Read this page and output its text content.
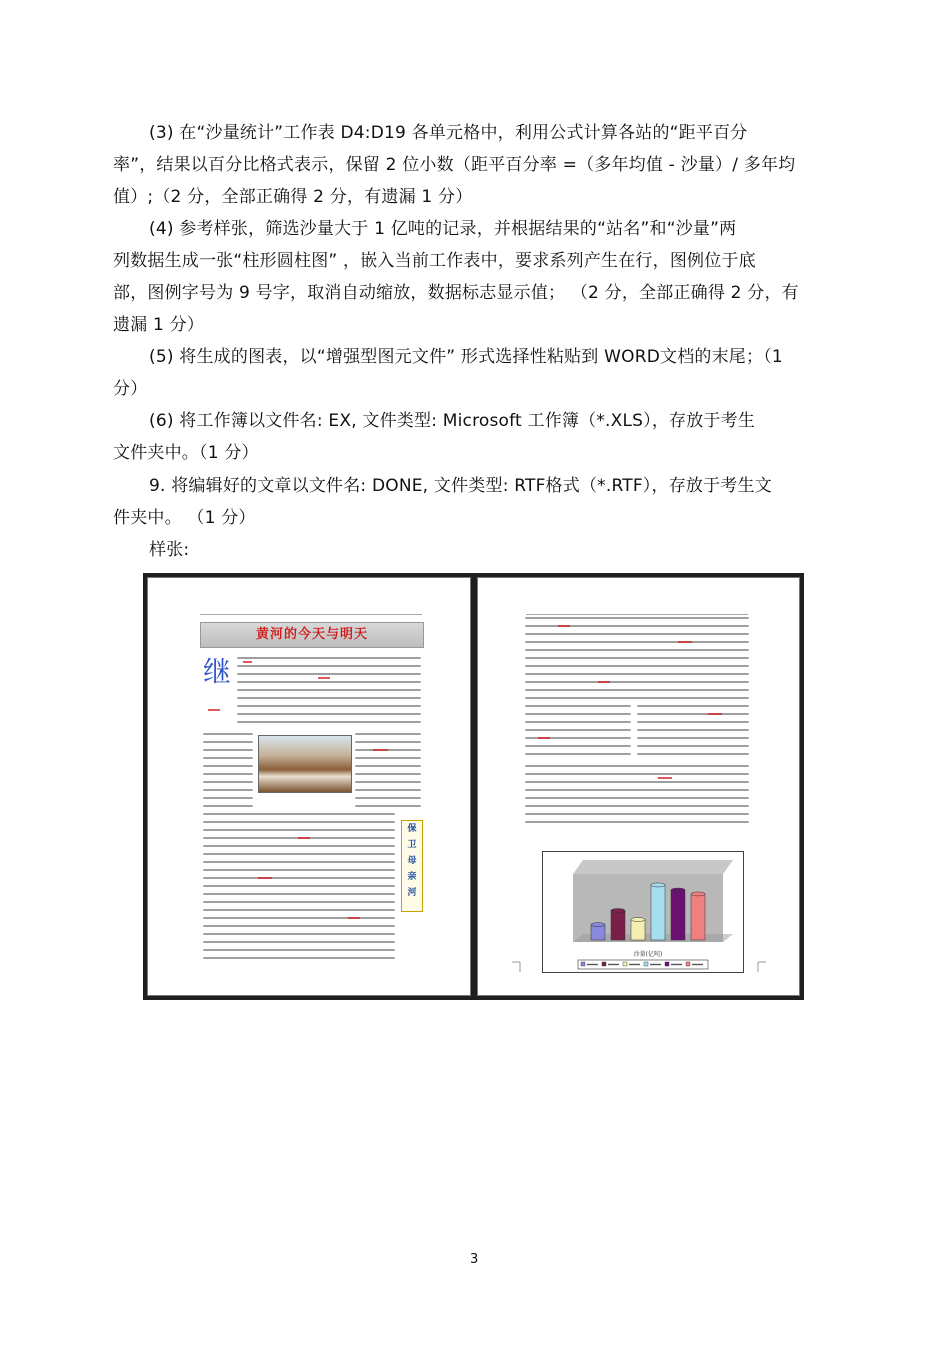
(3) 在“沙量统计”工作表 D4:D19 各单元格中，利用公式计算各站的“距平百分
率”，结果以百分比格式表示，保留 2 位小数（距平百分率 =（多年均值 - 沙量）/ 多年均
值）;（2 分，全部正确得 2 分，有遗漏 1 分）
(4) 参考样张，筛选沙量大于 1 亿吨的记录，并根据结果的“站名”和“沙量”两
列数据生成一张“柱形圆柱图” ，嵌入当前工作表中，要求系列产生在行，图例位于底
部，图例字号为 9 号字，取消自动缩放，数据标志显示值； （2 分，全部正确得 2 分，有
遗漏 1 分）
(5) 将生成的图表，以“增强型图元文件” 形式选择性粘贴到 WORD文档的末尾；（1
分）
(6) 将工作簿以文件名: EX, 文件类型: Microsoft 工作簿（*.XLS），存放于考生
文件夹中。（1 分）
9. 将编辑好的文章以文件名: DONE, 文件类型: RTF格式（*.RTF），存放于考生文
件夹中。 （1 分）
样张:
黄河的今天与明天
继
保
卫
母
亲
河
沙量(亿吨)
3
